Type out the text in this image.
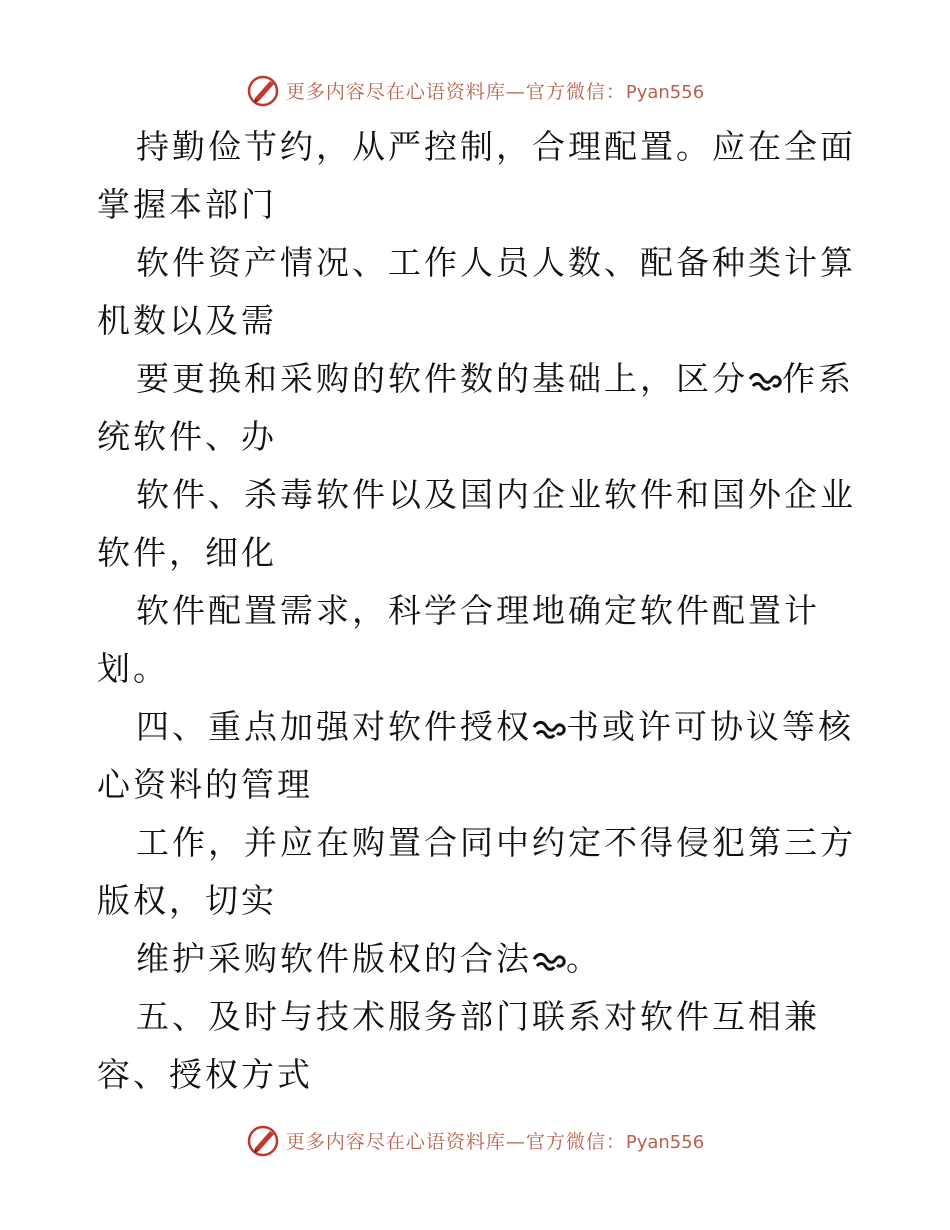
更多内容尽在心语资料库—官方微信：Pyan556

持勤俭节约，从严控制，合理配置。应在全面掌握本部门

软件资产情况、工作人员人数、配备种类计算机数以及需

要更换和采购的软件数的基础上，区分 作系统软件、办

软件、杀毒软件以及国内企业软件和国外企业软件，细化

软件配置需求，科学合理地确定软件配置计划。

四、重点加强对软件授权 书或许可协议等核心资料的管理

工作，并应在购置合同中约定不得侵犯第三方版权，切实

维护采购软件版权的合法 。

五、及时与技术服务部门联系对软件互相兼容、授权方式

更多内容尽在心语资料库—官方微信：Pyan556
